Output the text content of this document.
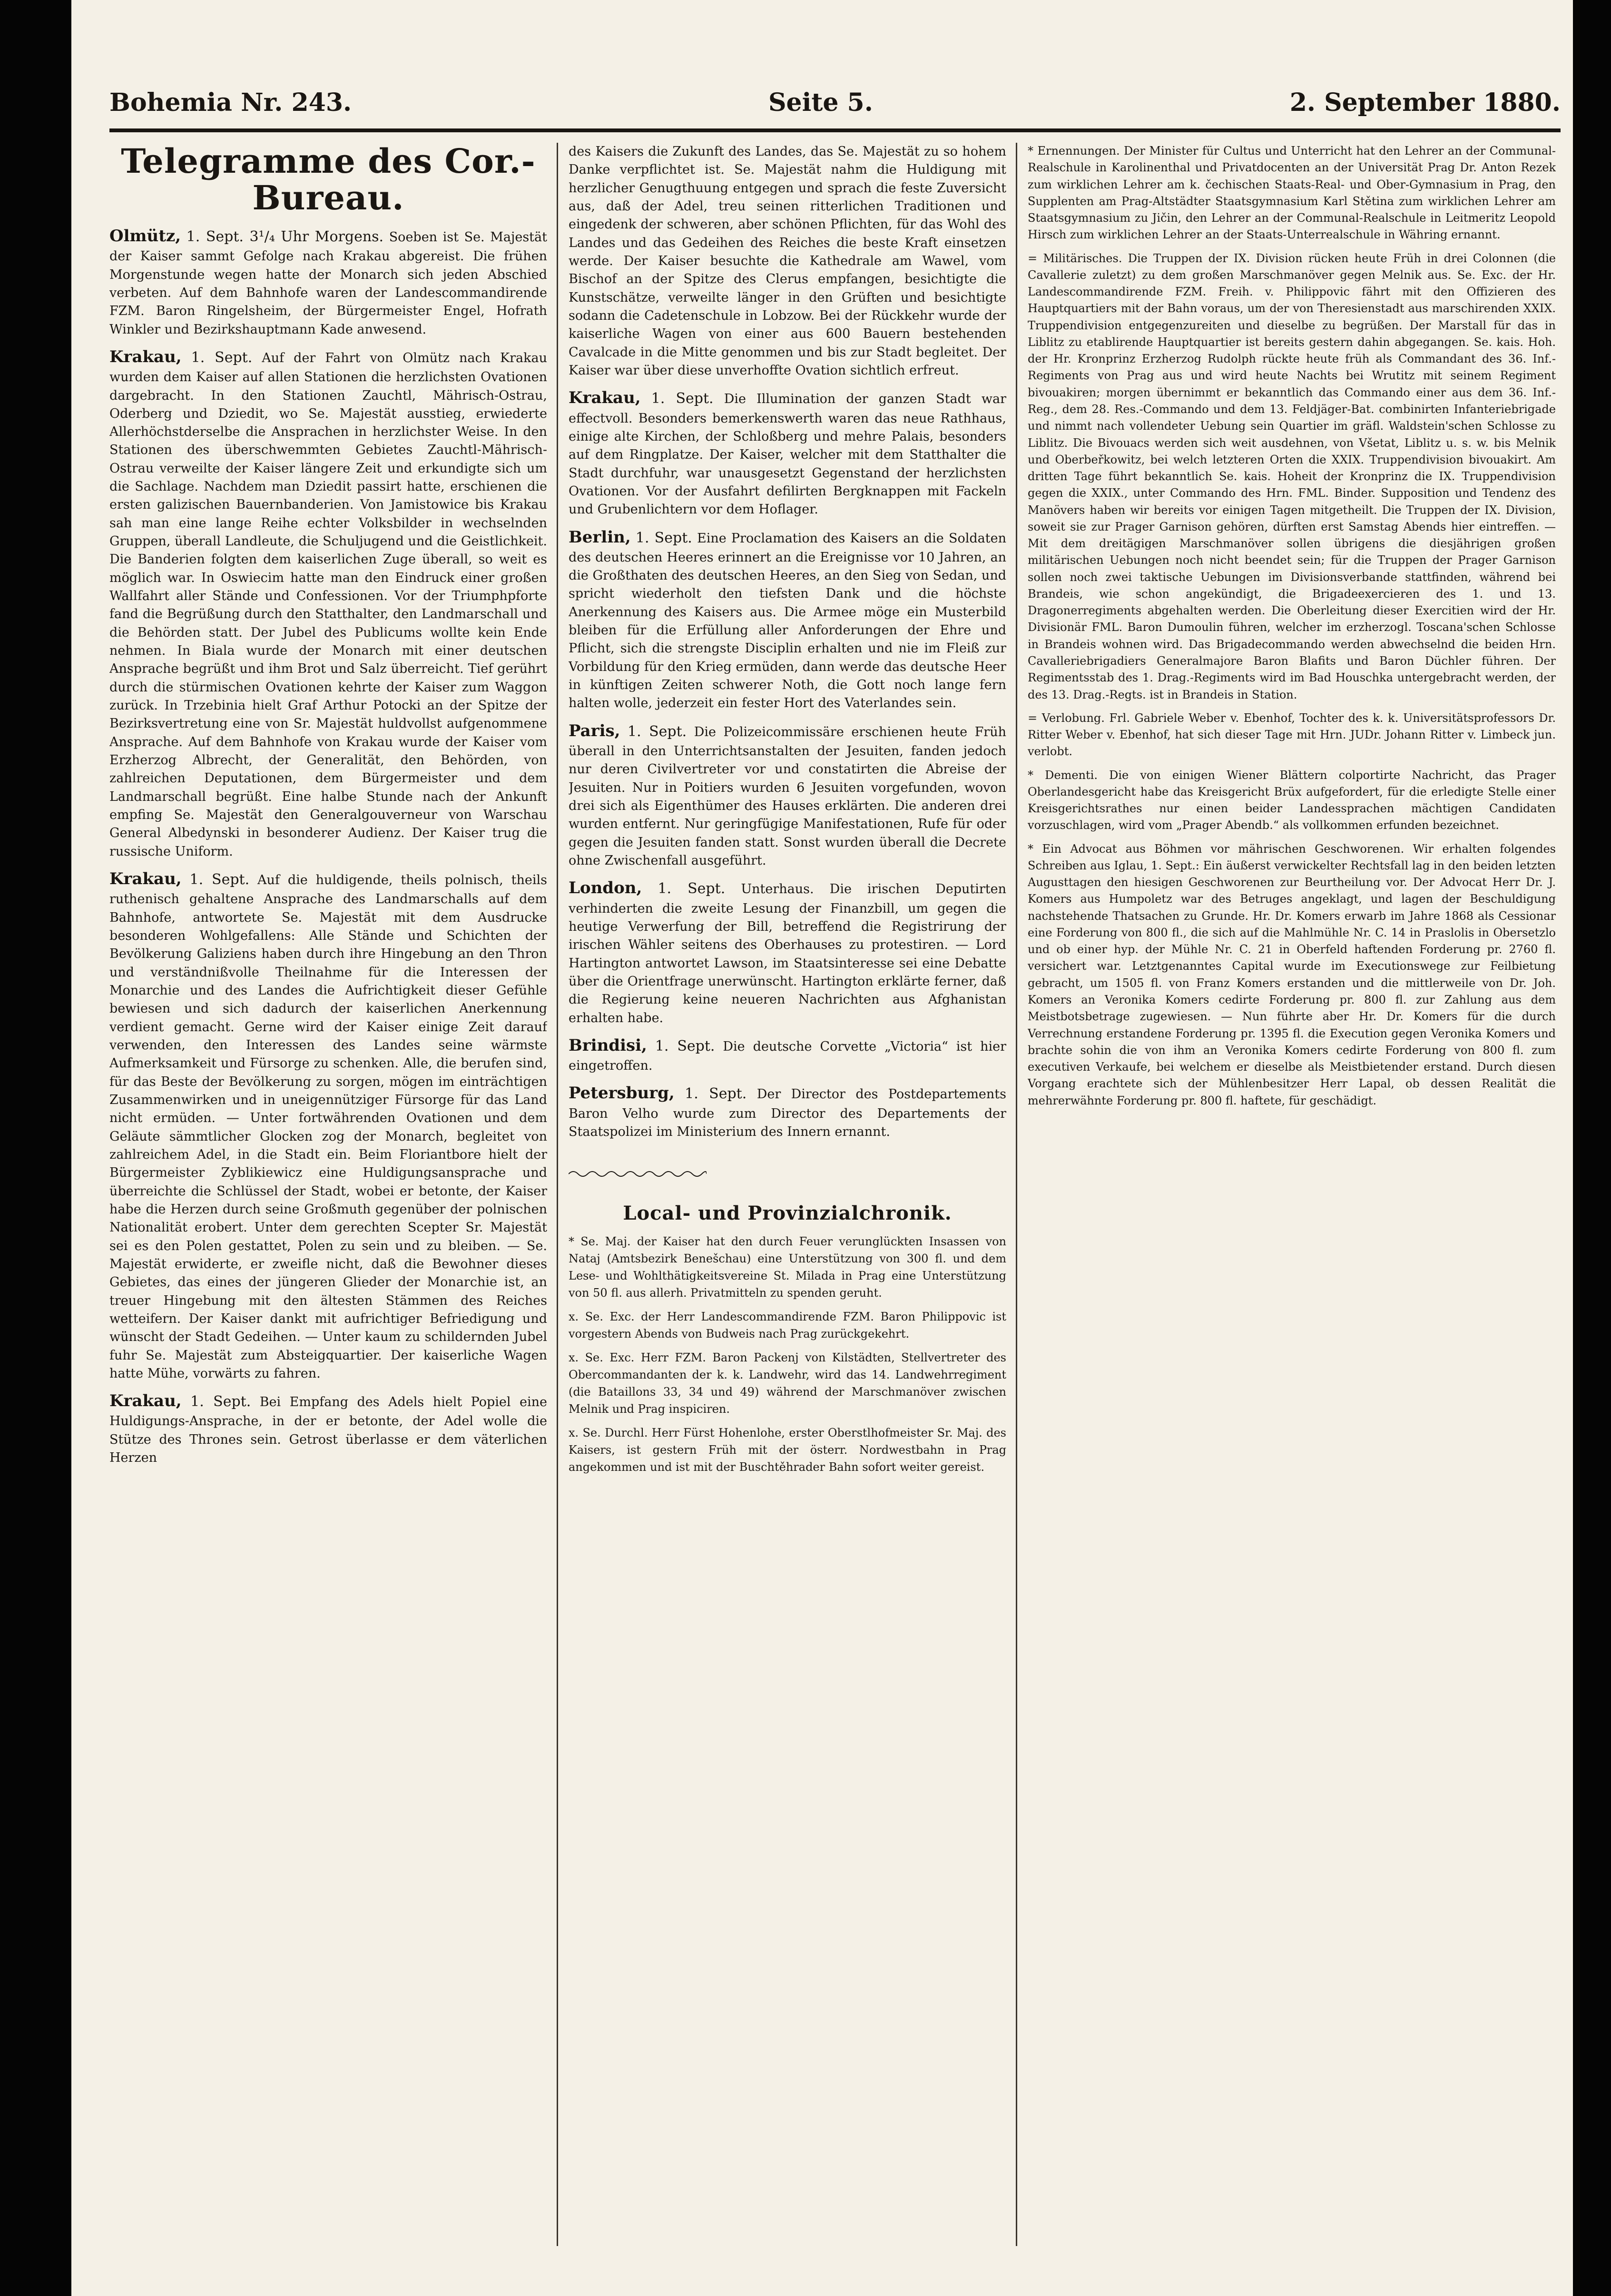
Bohemia Nr. 243.	Seite 5.	2. September 1880.
Telegramme des Cor.-Bureau.
Olmütz, 1. Sept. 3¹/₄ Uhr Morgens. Soeben ist Se. Majestät der Kaiser sammt Gefolge nach Krakau abgereist. Die frühen Morgenstunde wegen hatte der Monarch sich jeden Abschied verbeten. Auf dem Bahnhofe waren der Landescommandirende FZM. Baron Ringelsheim, der Bürgermeister Engel, Hofrath Winkler und Bezirkshauptmann Kade anwesend.
Krakau, 1. Sept. Auf der Fahrt von Olmütz nach Krakau wurden dem Kaiser auf allen Stationen die herzlichsten Ovationen dargebracht. In den Stationen Zauchtl, Mährisch-Ostrau, Oderberg und Dziedit, wo Se. Majestät ausstieg, erwiederte Allerhöchstderselbe die Ansprachen in herzlichster Weise. In den Stationen des überschwemmten Gebietes Zauchtl-Mährisch-Ostrau verweilte der Kaiser längere Zeit und erkundigte sich um die Sachlage. Nachdem man Dziedit passirt hatte, erschienen die ersten galizischen Bauernbanderien. Von Jamistowice bis Krakau sah man eine lange Reihe echter Volksbilder in wechselnden Gruppen, überall Landleute, die Schuljugend und die Geistlichkeit. Die Banderien folgten dem kaiserlichen Zuge überall, so weit es möglich war. In Oswiecim hatte man den Eindruck einer großen Wallfahrt aller Stände und Confessionen. Vor der Triumphpforte fand die Begrüßung durch den Statthalter, den Landmarschall und die Behörden statt. Der Jubel des Publicums wollte kein Ende nehmen. In Biala wurde der Monarch mit einer deutschen Ansprache begrüßt und ihm Brot und Salz überreicht. Tief gerührt durch die stürmischen Ovationen kehrte der Kaiser zum Waggon zurück. In Trzebinia hielt Graf Arthur Potocki an der Spitze der Bezirksvertretung eine von Sr. Majestät huldvollst aufgenommene Ansprache. Auf dem Bahnhofe von Krakau wurde der Kaiser vom Erzherzog Albrecht, der Generalität, den Behörden, von zahlreichen Deputationen, dem Bürgermeister und dem Landmarschall begrüßt. Eine halbe Stunde nach der Ankunft empfing Se. Majestät den Generalgouverneur von Warschau General Albedynski in besonderer Audienz. Der Kaiser trug die russische Uniform.
Krakau, 1. Sept. Auf die huldigende, theils polnisch, theils ruthenisch gehaltene Ansprache des Landmarschalls auf dem Bahnhofe, antwortete Se. Majestät mit dem Ausdrucke besonderen Wohlgefallens: Alle Stände und Schichten der Bevölkerung Galiziens haben durch ihre Hingebung an den Thron und verständnißvolle Theilnahme für die Interessen der Monarchie und des Landes die Aufrichtigkeit dieser Gefühle bewiesen und sich dadurch der kaiserlichen Anerkennung verdient gemacht. Gerne wird der Kaiser einige Zeit darauf verwenden, den Interessen des Landes seine wärmste Aufmerksamkeit und Fürsorge zu schenken. Alle, die berufen sind, für das Beste der Bevölkerung zu sorgen, mögen im einträchtigen Zusammenwirken und in uneigennütziger Fürsorge für das Land nicht ermüden. — Unter fortwährenden Ovationen und dem Geläute sämmtlicher Glocken zog der Monarch, begleitet von zahlreichem Adel, in die Stadt ein. Beim Floriantbore hielt der Bürgermeister Zyblikiewicz eine Huldigungsansprache und überreichte die Schlüssel der Stadt, wobei er betonte, der Kaiser habe die Herzen durch seine Großmuth gegenüber der polnischen Nationalität erobert. Unter dem gerechten Scepter Sr. Majestät sei es den Polen gestattet, Polen zu sein und zu bleiben. — Se. Majestät erwiderte, er zweifle nicht, daß die Bewohner dieses Gebietes, das eines der jüngeren Glieder der Monarchie ist, an treuer Hingebung mit den ältesten Stämmen des Reiches wetteifern. Der Kaiser dankt mit aufrichtiger Befriedigung und wünscht der Stadt Gedeihen. — Unter kaum zu schildernden Jubel fuhr Se. Majestät zum Absteigquartier. Der kaiserliche Wagen hatte Mühe, vorwärts zu fahren.
Krakau, 1. Sept. Bei Empfang des Adels hielt Popiel eine Huldigungs-Ansprache, in der er betonte, der Adel wolle die Stütze des Thrones sein. Getrost überlasse er dem väterlichen Herzen
des Kaisers die Zukunft des Landes, das Se. Majestät zu so hohem Danke verpflichtet ist. Se. Majestät nahm die Huldigung mit herzlicher Genugthuung entgegen und sprach die feste Zuversicht aus, daß der Adel, treu seinen ritterlichen Traditionen und eingedenk der schweren, aber schönen Pflichten, für das Wohl des Landes und das Gedeihen des Reiches die beste Kraft einsetzen werde. Der Kaiser besuchte die Kathedrale am Wawel, vom Bischof an der Spitze des Clerus empfangen, besichtigte die Kunstschätze, verweilte länger in den Grüften und besichtigte sodann die Cadetenschule in Lobzow. Bei der Rückkehr wurde der kaiserliche Wagen von einer aus 600 Bauern bestehenden Cavalcade in die Mitte genommen und bis zur Stadt begleitet. Der Kaiser war über diese unverhoffte Ovation sichtlich erfreut.
Krakau, 1. Sept. Die Illumination der ganzen Stadt war effectvoll. Besonders bemerkenswerth waren das neue Rathhaus, einige alte Kirchen, der Schloßberg und mehre Palais, besonders auf dem Ringplatze. Der Kaiser, welcher mit dem Statthalter die Stadt durchfuhr, war unausgesetzt Gegenstand der herzlichsten Ovationen. Vor der Ausfahrt defilirten Bergknappen mit Fackeln und Grubenlichtern vor dem Hoflager.
Berlin, 1. Sept. Eine Proclamation des Kaisers an die Soldaten des deutschen Heeres erinnert an die Ereignisse vor 10 Jahren, an die Großthaten des deutschen Heeres, an den Sieg von Sedan, und spricht wiederholt den tiefsten Dank und die höchste Anerkennung des Kaisers aus. Die Armee möge ein Musterbild bleiben für die Erfüllung aller Anforderungen der Ehre und Pflicht, sich die strengste Disciplin erhalten und nie im Fleiß zur Vorbildung für den Krieg ermüden, dann werde das deutsche Heer in künftigen Zeiten schwerer Noth, die Gott noch lange fern halten wolle, jederzeit ein fester Hort des Vaterlandes sein.
Paris, 1. Sept. Die Polizeicommissäre erschienen heute Früh überall in den Unterrichtsanstalten der Jesuiten, fanden jedoch nur deren Civilvertreter vor und constatirten die Abreise der Jesuiten. Nur in Poitiers wurden 6 Jesuiten vorgefunden, wovon drei sich als Eigenthümer des Hauses erklärten. Die anderen drei wurden entfernt. Nur geringfügige Manifestationen, Rufe für oder gegen die Jesuiten fanden statt. Sonst wurden überall die Decrete ohne Zwischenfall ausgeführt.
London, 1. Sept. Unterhaus. Die irischen Deputirten verhinderten die zweite Lesung der Finanzbill, um gegen die heutige Verwerfung der Bill, betreffend die Registrirung der irischen Wähler seitens des Oberhauses zu protestiren. — Lord Hartington antwortet Lawson, im Staatsinteresse sei eine Debatte über die Orientfrage unerwünscht. Hartington erklärte ferner, daß die Regierung keine neueren Nachrichten aus Afghanistan erhalten habe.
Brindisi, 1. Sept. Die deutsche Corvette „Victoria“ ist hier eingetroffen.
Petersburg, 1. Sept. Der Director des Postdepartements Baron Velho wurde zum Director des Departements der Staatspolizei im Ministerium des Innern ernannt.
Local- und Provinzialchronik.
* Se. Maj. der Kaiser hat den durch Feuer verunglückten Insassen von Nataj (Amtsbezirk Benešchau) eine Unterstützung von 300 fl. und dem Lese- und Wohlthätigkeitsvereine St. Milada in Prag eine Unterstützung von 50 fl. aus allerh. Privatmitteln zu spenden geruht.
x. Se. Exc. der Herr Landescommandirende FZM. Baron Philippovic ist vorgestern Abends von Budweis nach Prag zurückgekehrt.
x. Se. Exc. Herr FZM. Baron Packenj von Kilstädten, Stellvertreter des Obercommandanten der k. k. Landwehr, wird das 14. Landwehrregiment (die Bataillons 33, 34 und 49) während der Marschmanöver zwischen Melnik und Prag inspiciren.
x. Se. Durchl. Herr Fürst Hohenlohe, erster Oberstlhofmeister Sr. Maj. des Kaisers, ist gestern Früh mit der österr. Nordwestbahn in Prag angekommen und ist mit der Buschtěhrader Bahn sofort weiter gereist.
* Ernennungen. Der Minister für Cultus und Unterricht hat den Lehrer an der Communal-Realschule in Karolinenthal und Privatdocenten an der Universität Prag Dr. Anton Rezek zum wirklichen Lehrer am k. čechischen Staats-Real- und Ober-Gymnasium in Prag, den Supplenten am Prag-Altstädter Staatsgymnasium Karl Stětina zum wirklichen Lehrer am Staatsgymnasium zu Jičin, den Lehrer an der Communal-Realschule in Leitmeritz Leopold Hirsch zum wirklichen Lehrer an der Staats-Unterrealschule in Währing ernannt.
= Militärisches. Die Truppen der IX. Division rücken heute Früh in drei Colonnen (die Cavallerie zuletzt) zu dem großen Marschmanöver gegen Melnik aus. Se. Exc. der Hr. Landescommandirende FZM. Freih. v. Philippovic fährt mit den Offizieren des Hauptquartiers mit der Bahn voraus, um der von Theresienstadt aus marschirenden XXIX. Truppendivision entgegenzureiten und dieselbe zu begrüßen. Der Marstall für das in Liblitz zu etablirende Hauptquartier ist bereits gestern dahin abgegangen. Se. kais. Hoh. der Hr. Kronprinz Erzherzog Rudolph rückte heute früh als Commandant des 36. Inf.-Regiments von Prag aus und wird heute Nachts bei Wrutitz mit seinem Regiment bivouakiren; morgen übernimmt er bekanntlich das Commando einer aus dem 36. Inf.-Reg., dem 28. Res.-Commando und dem 13. Feldjäger-Bat. combinirten Infanteriebrigade und nimmt nach vollendeter Uebung sein Quartier im gräfl. Waldstein'schen Schlosse zu Liblitz. Die Bivouacs werden sich weit ausdehnen, von Všetat, Liblitz u. s. w. bis Melnik und Oberbeřkowitz, bei welch letzteren Orten die XXIX. Truppendivision bivouakirt. Am dritten Tage führt bekanntlich Se. kais. Hoheit der Kronprinz die IX. Truppendivision gegen die XXIX., unter Commando des Hrn. FML. Binder. Supposition und Tendenz des Manövers haben wir bereits vor einigen Tagen mitgetheilt. Die Truppen der IX. Division, soweit sie zur Prager Garnison gehören, dürften erst Samstag Abends hier eintreffen. — Mit dem dreitägigen Marschmanöver sollen übrigens die diesjährigen großen militärischen Uebungen noch nicht beendet sein; für die Truppen der Prager Garnison sollen noch zwei taktische Uebungen im Divisionsverbande stattfinden, während bei Brandeis, wie schon angekündigt, die Brigadeexercieren des 1. und 13. Dragonerregiments abgehalten werden. Die Oberleitung dieser Exercitien wird der Hr. Divisionär FML. Baron Dumoulin führen, welcher im erzherzogl. Toscana'schen Schlosse in Brandeis wohnen wird. Das Brigadecommando werden abwechselnd die beiden Hrn. Cavalleriebrigadiers Generalmajore Baron Blafits und Baron Düchler führen. Der Regimentsstab des 1. Drag.-Regiments wird im Bad Houschka untergebracht werden, der des 13. Drag.-Regts. ist in Brandeis in Station.
= Verlobung. Frl. Gabriele Weber v. Ebenhof, Tochter des k. k. Universitätsprofessors Dr. Ritter Weber v. Ebenhof, hat sich dieser Tage mit Hrn. JUDr. Johann Ritter v. Limbeck jun. verlobt.
* Dementi. Die von einigen Wiener Blättern colportirte Nachricht, das Prager Oberlandesgericht habe das Kreisgericht Brüx aufgefordert, für die erledigte Stelle einer Kreisgerichtsrathes nur einen beider Landessprachen mächtigen Candidaten vorzuschlagen, wird vom „Prager Abendb.“ als vollkommen erfunden bezeichnet.
* Ein Advocat aus Böhmen vor mährischen Geschworenen. Wir erhalten folgendes Schreiben aus Iglau, 1. Sept.: Ein äußerst verwickelter Rechtsfall lag in den beiden letzten Augusttagen den hiesigen Geschworenen zur Beurtheilung vor. Der Advocat Herr Dr. J. Komers aus Humpoletz war des Betruges angeklagt, und lagen der Beschuldigung nachstehende Thatsachen zu Grunde. Hr. Dr. Komers erwarb im Jahre 1868 als Cessionar eine Forderung von 800 fl., die sich auf die Mahlmühle Nr. C. 14 in Praslolis in Obersetzlo und ob einer hyp. der Mühle Nr. C. 21 in Oberfeld haftenden Forderung pr. 2760 fl. versichert war. Letztgenanntes Capital wurde im Executionswege zur Feilbietung gebracht, um 1505 fl. von Franz Komers erstanden und die mittlerweile von Dr. Joh. Komers an Veronika Komers cedirte Forderung pr. 800 fl. zur Zahlung aus dem Meistbotsbetrage zugewiesen. — Nun führte aber Hr. Dr. Komers für die durch Verrechnung erstandene Forderung pr. 1395 fl. die Execution gegen Veronika Komers und brachte sohin die von ihm an Veronika Komers cedirte Forderung von 800 fl. zum executiven Verkaufe, bei welchem er dieselbe als Meistbietender erstand. Durch diesen Vorgang erachtete sich der Mühlenbesitzer Herr Lapal, ob dessen Realität die mehrerwähnte Forderung pr. 800 fl. haftete, für geschädigt.
